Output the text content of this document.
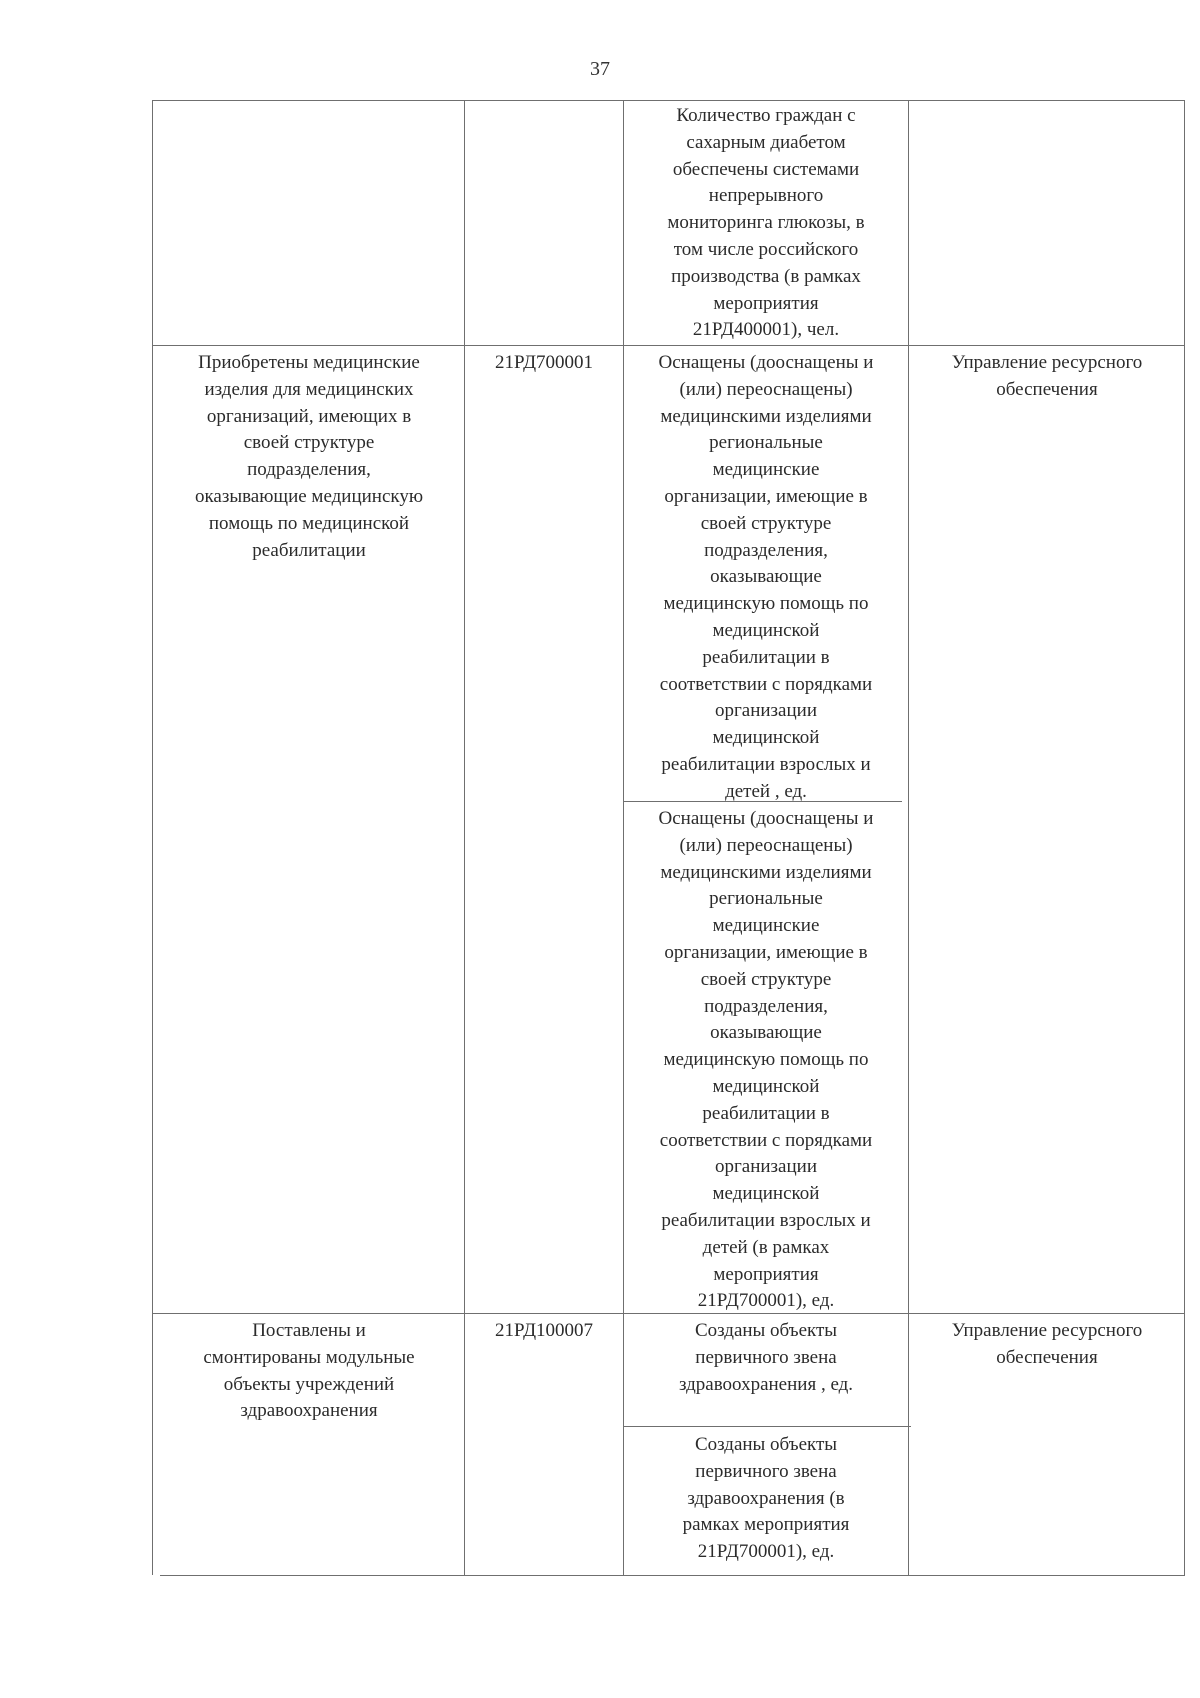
37
Количество граждан с
сахарным диабетом
обеспечены системами
непрерывного
мониторинга глюкозы, в
том числе российского
производства (в рамках
мероприятия
21РД400001), чел.
Приобретены медицинские
изделия для медицинских
организаций, имеющих в
своей структуре
подразделения,
оказывающие медицинскую
помощь по медицинской
реабилитации
21РД700001	Оснащены (дооснащены и
(или) переоснащены)
медицинскими изделиями
региональные
медицинские
организации, имеющие в
своей структуре
подразделения,
оказывающие
медицинскую помощь по
медицинской
реабилитации в
соответствии с порядками
организации
медицинской
реабилитации взрослых и
детей , ед.
Оснащены (дооснащены и
(или) переоснащены)
медицинскими изделиями
региональные
медицинские
организации, имеющие в
своей структуре
подразделения,
оказывающие
медицинскую помощь по
медицинской
реабилитации в
соответствии с порядками
организации
медицинской
реабилитации взрослых и
детей (в рамках
мероприятия
21РД700001), ед.
Управление ресурсного
обеспечения
Поставлены и
смонтированы модульные
объекты учреждений
здравоохранения
21РД100007	Созданы объекты
первичного звена
здравоохранения , ед.
Созданы объекты
первичного звена
здравоохранения (в
рамках мероприятия
21РД700001), ед.
Управление ресурсного
обеспечения
